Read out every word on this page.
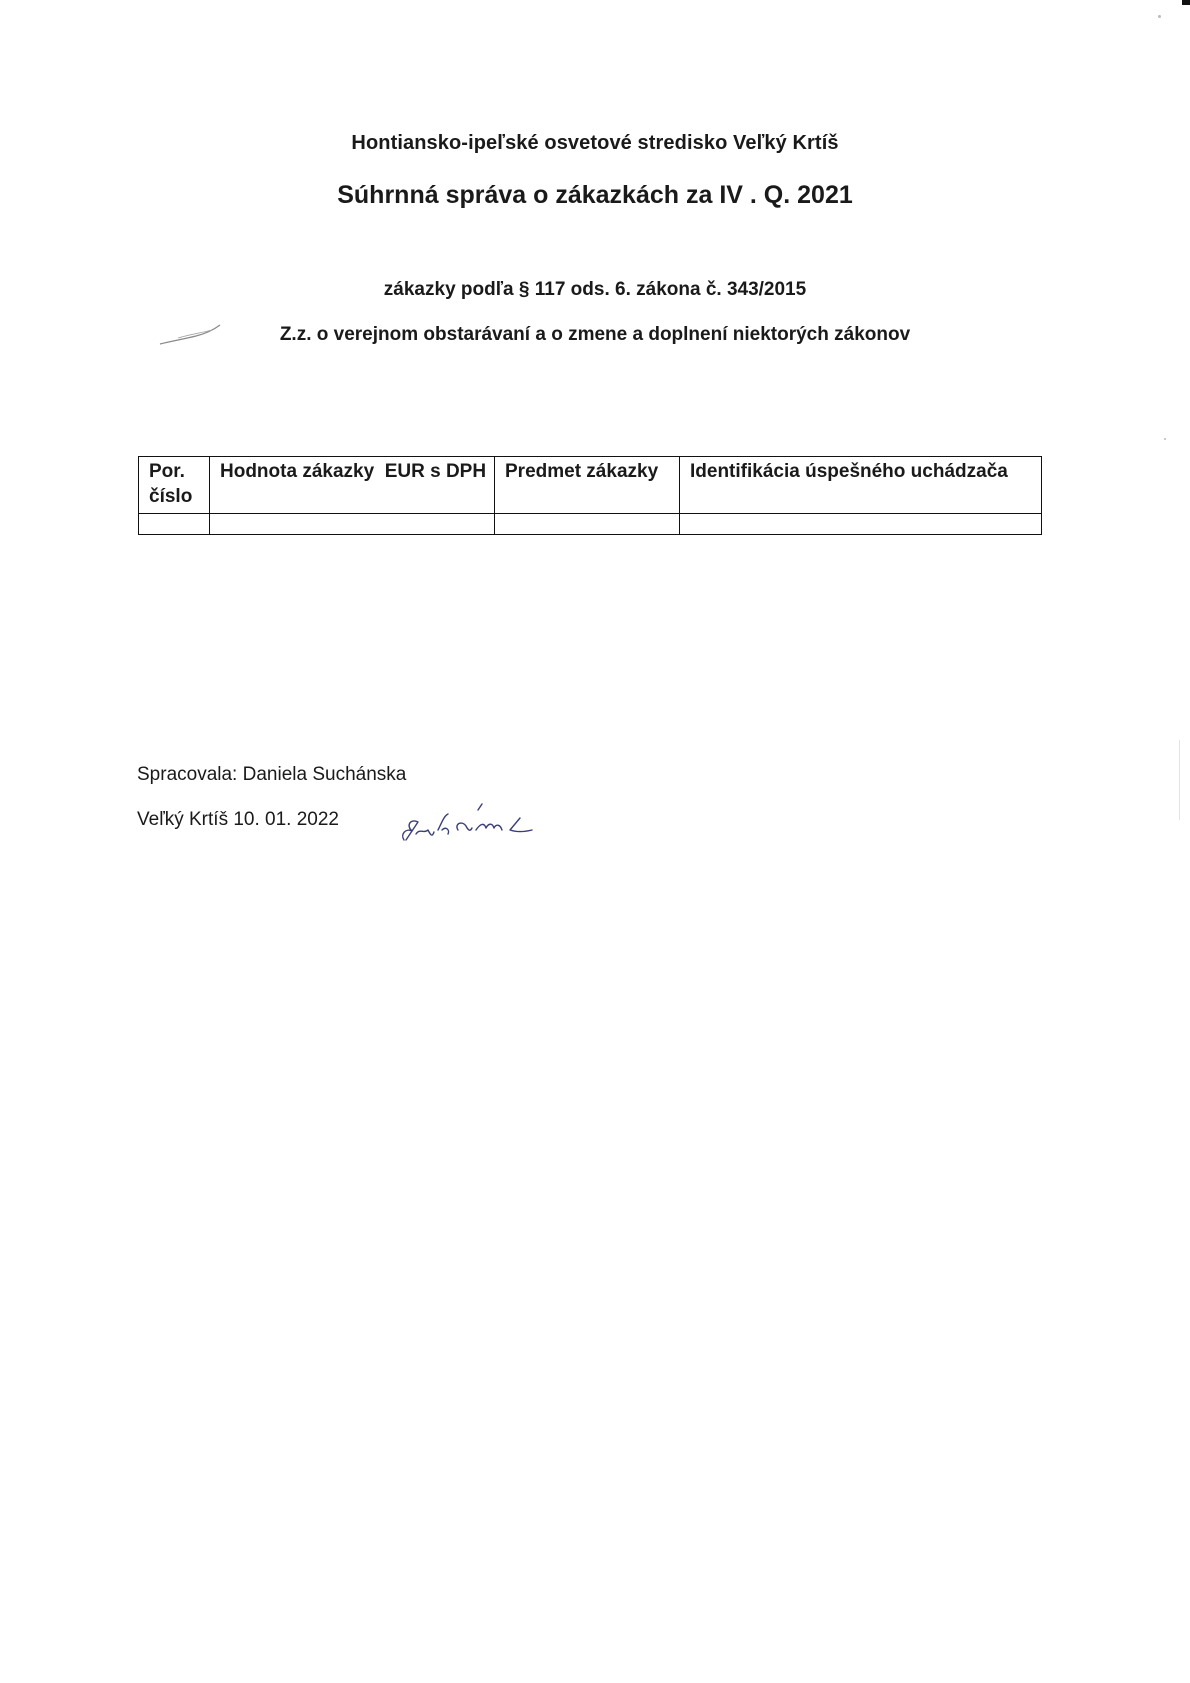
Hontiansko-ipeľské osvetové stredisko Veľký Krtíš
Súhrnná správa o zákazkách za IV . Q. 2021
zákazky podľa § 117 ods. 6. zákona č. 343/2015
Z.z. o verejnom obstarávaní a o zmene a doplnení niektorých zákonov
Por.
číslo	Hodnota zákazky  EUR s DPH	Predmet zákazky	Identifikácia úspešného uchádzača

Spracovala: Daniela Suchánska
Veľký Krtíš 10. 01. 2022
